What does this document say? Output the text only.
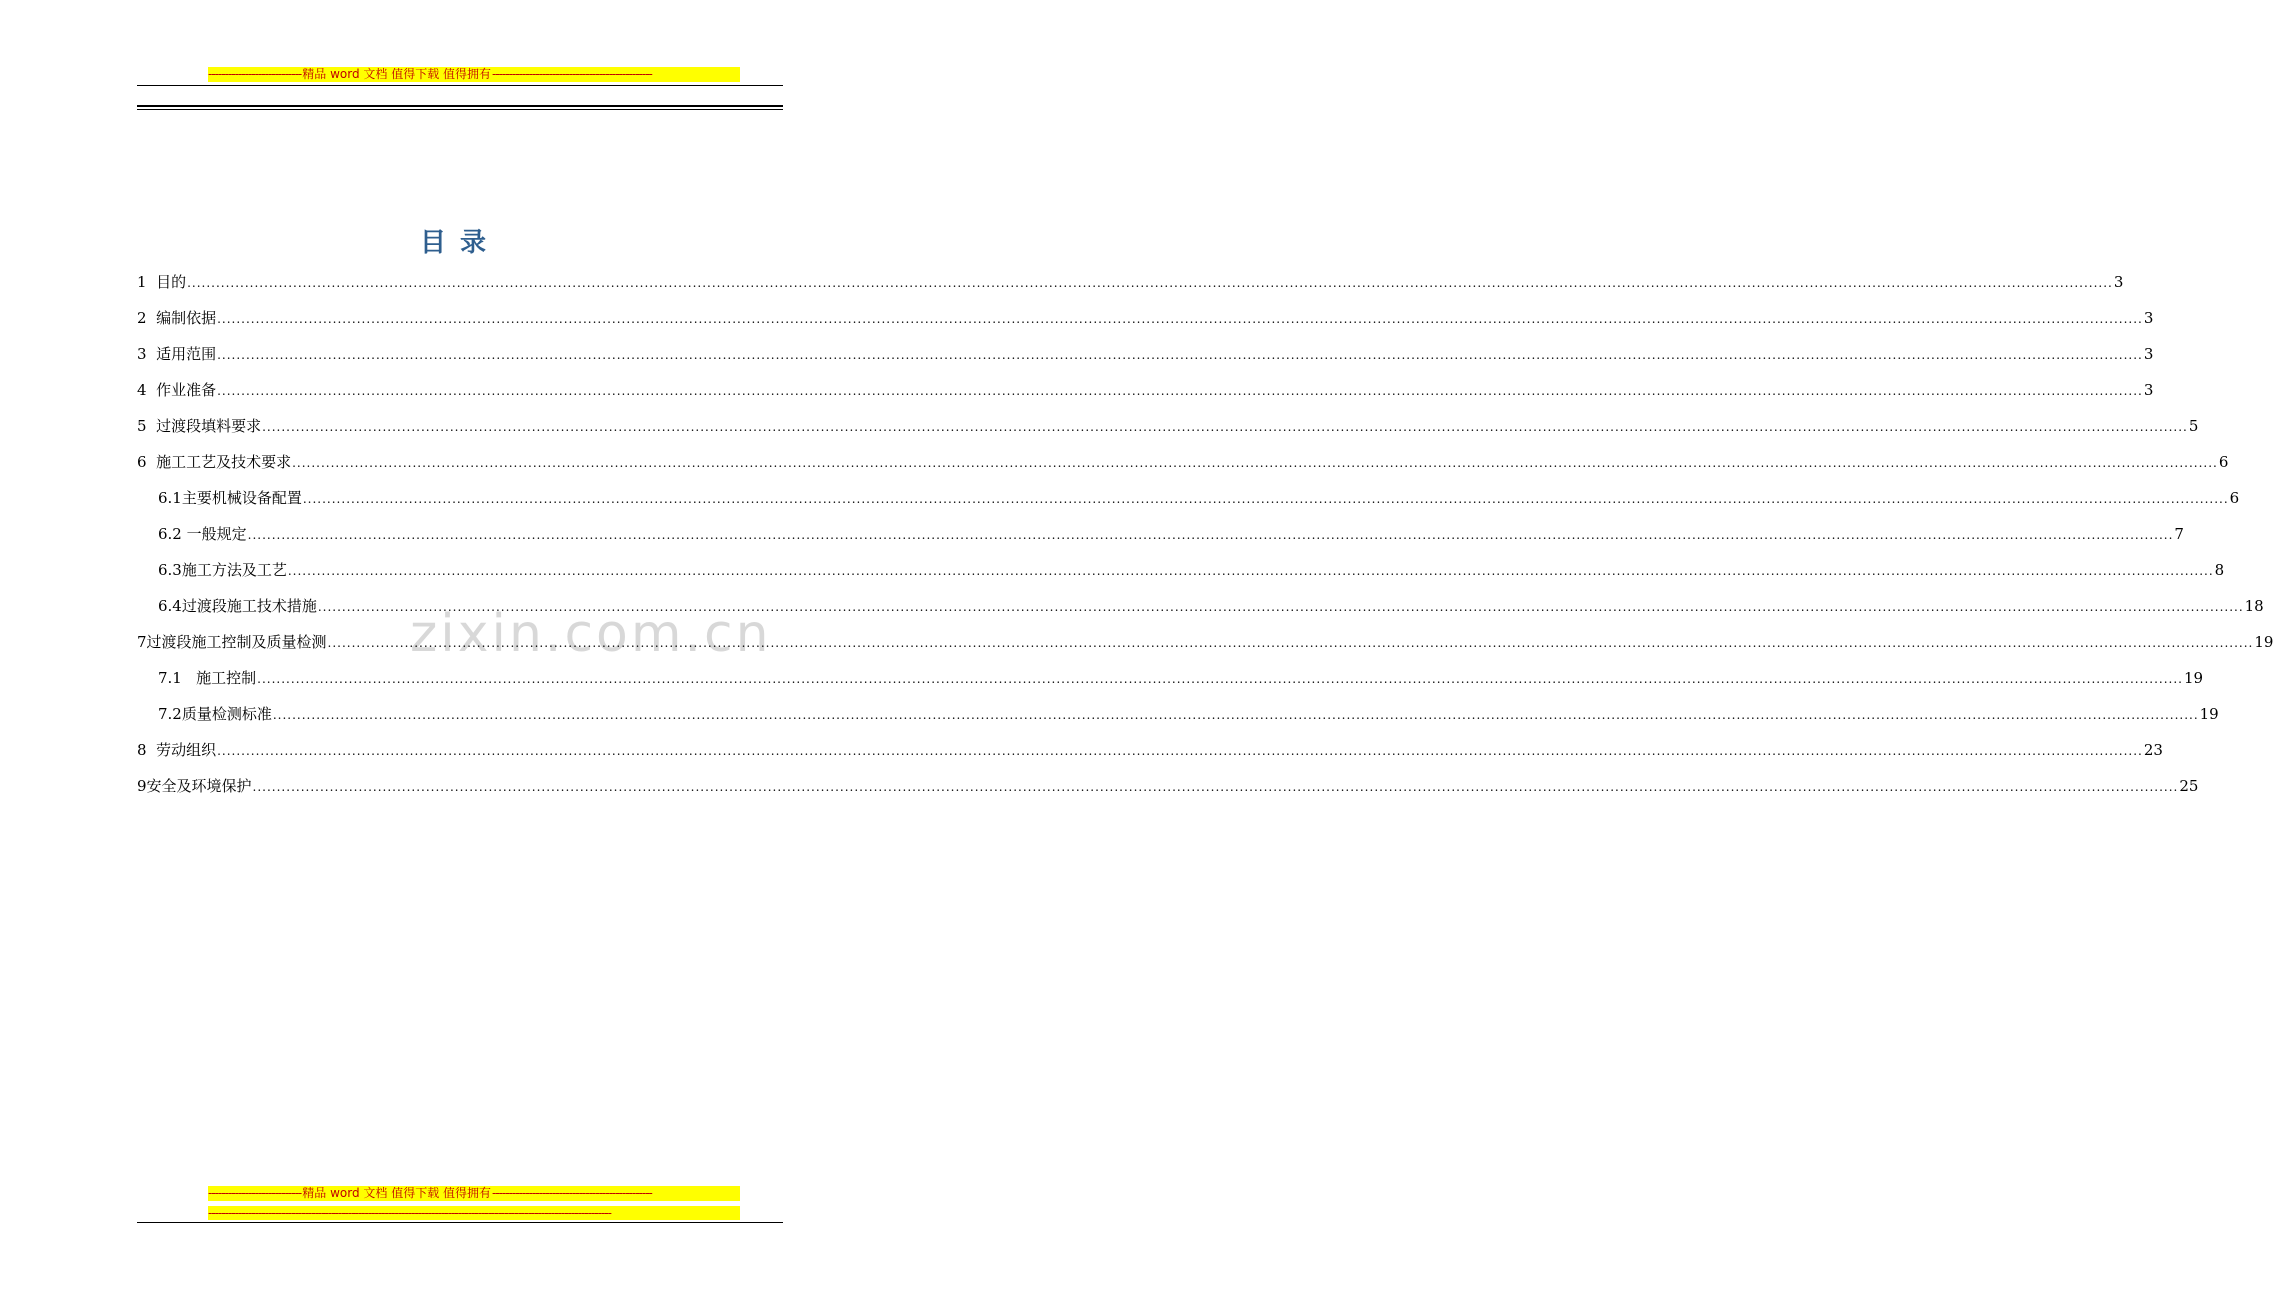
----------------------------精品 word 文档 值得下载 值得拥有------------------------------------------------
目录
zixin.com.cn
1  目的 ................................................................................................................................................................................................................................................................................................................................................................................................................ 3
2  编制依据 ................................................................................................................................................................................................................................................................................................................................................................................................................ 3
3  适用范围 ................................................................................................................................................................................................................................................................................................................................................................................................................ 3
4  作业准备 ................................................................................................................................................................................................................................................................................................................................................................................................................ 3
5  过渡段填料要求 ................................................................................................................................................................................................................................................................................................................................................................................................................ 5
6  施工工艺及技术要求 ................................................................................................................................................................................................................................................................................................................................................................................................................ 6
6.1主要机械设备配置 ................................................................................................................................................................................................................................................................................................................................................................................................................ 6
6.2 一般规定 ................................................................................................................................................................................................................................................................................................................................................................................................................ 7
6.3施工方法及工艺 ................................................................................................................................................................................................................................................................................................................................................................................................................ 8
6.4过渡段施工技术措施 ................................................................................................................................................................................................................................................................................................................................................................................................................ 18
7过渡段施工控制及质量检测 ................................................................................................................................................................................................................................................................................................................................................................................................................ 19
7.1   施工控制 ................................................................................................................................................................................................................................................................................................................................................................................................................ 19
7.2质量检测标准 ................................................................................................................................................................................................................................................................................................................................................................................................................ 19
8  劳动组织 ................................................................................................................................................................................................................................................................................................................................................................................................................ 23
9安全及环境保护 ................................................................................................................................................................................................................................................................................................................................................................................................................ 25
----------------------------精品 word 文档 值得下载 值得拥有------------------------------------------------
-------------------------------------------------------------------------------------------------------------------------
